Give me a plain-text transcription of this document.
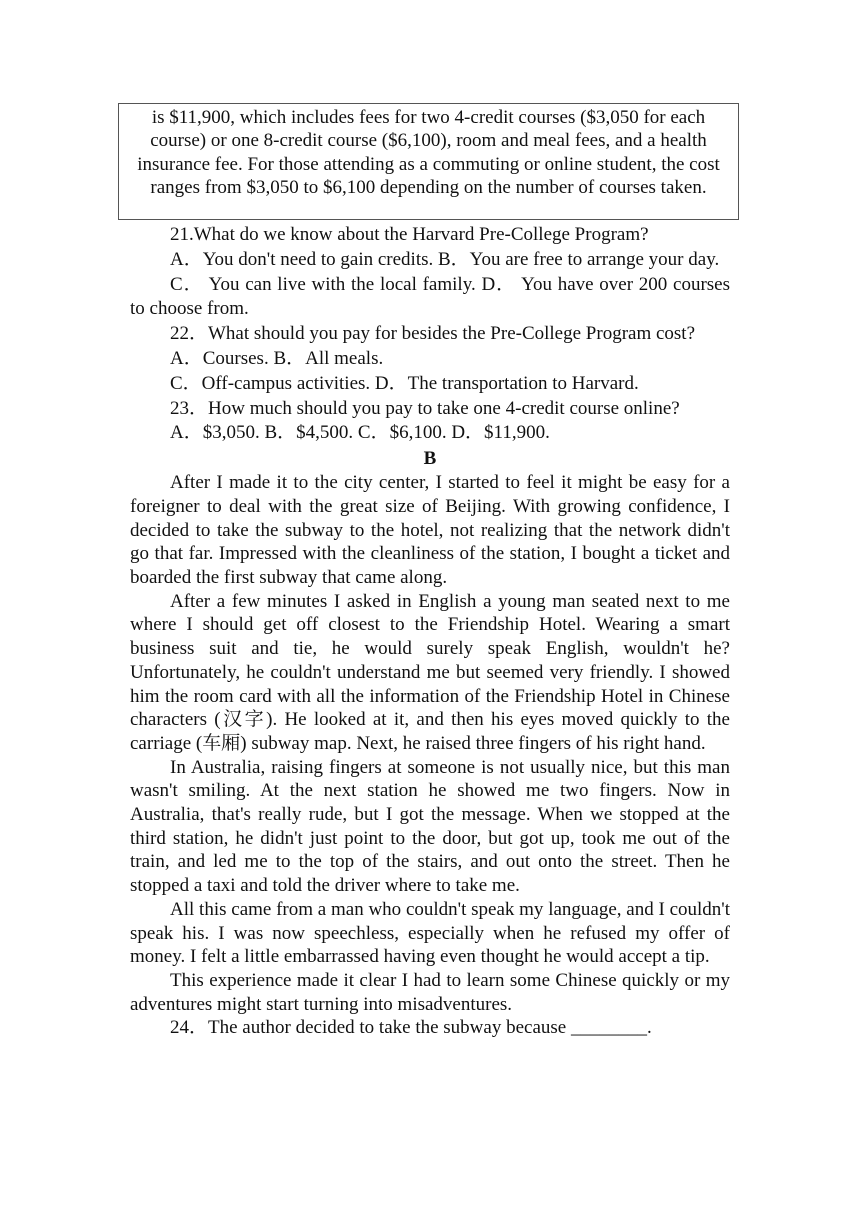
is $11,900, which includes fees for two 4-credit courses ($3,050 for each course) or one 8-credit course ($6,100), room and meal fees, and a health insurance fee. For those attending as a commuting or online student, the cost ranges from $3,050 to $6,100 depending on the number of courses taken.

21.What do we know about the Harvard Pre-College Program?

A．You don't need to gain credits. B．You are free to arrange your day.

C． You can live with the local family. D． You have over 200 courses to choose from.

22．What should you pay for besides the Pre-College Program cost?

A．Courses. B．All meals.

C．Off-campus activities. D．The transportation to Harvard.

23．How much should you pay to take one 4-credit course online?

A．$3,050. B．$4,500. C．$6,100. D．$11,900.

B

After I made it to the city center, I started to feel it might be easy for a foreigner to deal with the great size of Beijing. With growing confidence, I decided to take the subway to the hotel, not realizing that the network didn't go that far. Impressed with the cleanliness of the station, I bought a ticket and boarded the first subway that came along.

After a few minutes I asked in English a young man seated next to me where I should get off closest to the Friendship Hotel. Wearing a smart business suit and tie, he would surely speak English, wouldn't he? Unfortunately, he couldn't understand me but seemed very friendly. I showed him the room card with all the information of the Friendship Hotel in Chinese characters (汉字). He looked at it, and then his eyes moved quickly to the carriage (车厢) subway map. Next, he raised three fingers of his right hand.

In Australia, raising fingers at someone is not usually nice, but this man wasn't smiling. At the next station he showed me two fingers. Now in Australia, that's really rude, but I got the message. When we stopped at the third station, he didn't just point to the door, but got up, took me out of the train, and led me to the top of the stairs, and out onto the street. Then he stopped a taxi and told the driver where to take me.

All this came from a man who couldn't speak my language, and I couldn't speak his. I was now speechless, especially when he refused my offer of money. I felt a little embarrassed having even thought he would accept a tip.

This experience made it clear I had to learn some Chinese quickly or my adventures might start turning into misadventures.

24．The author decided to take the subway because ________.
